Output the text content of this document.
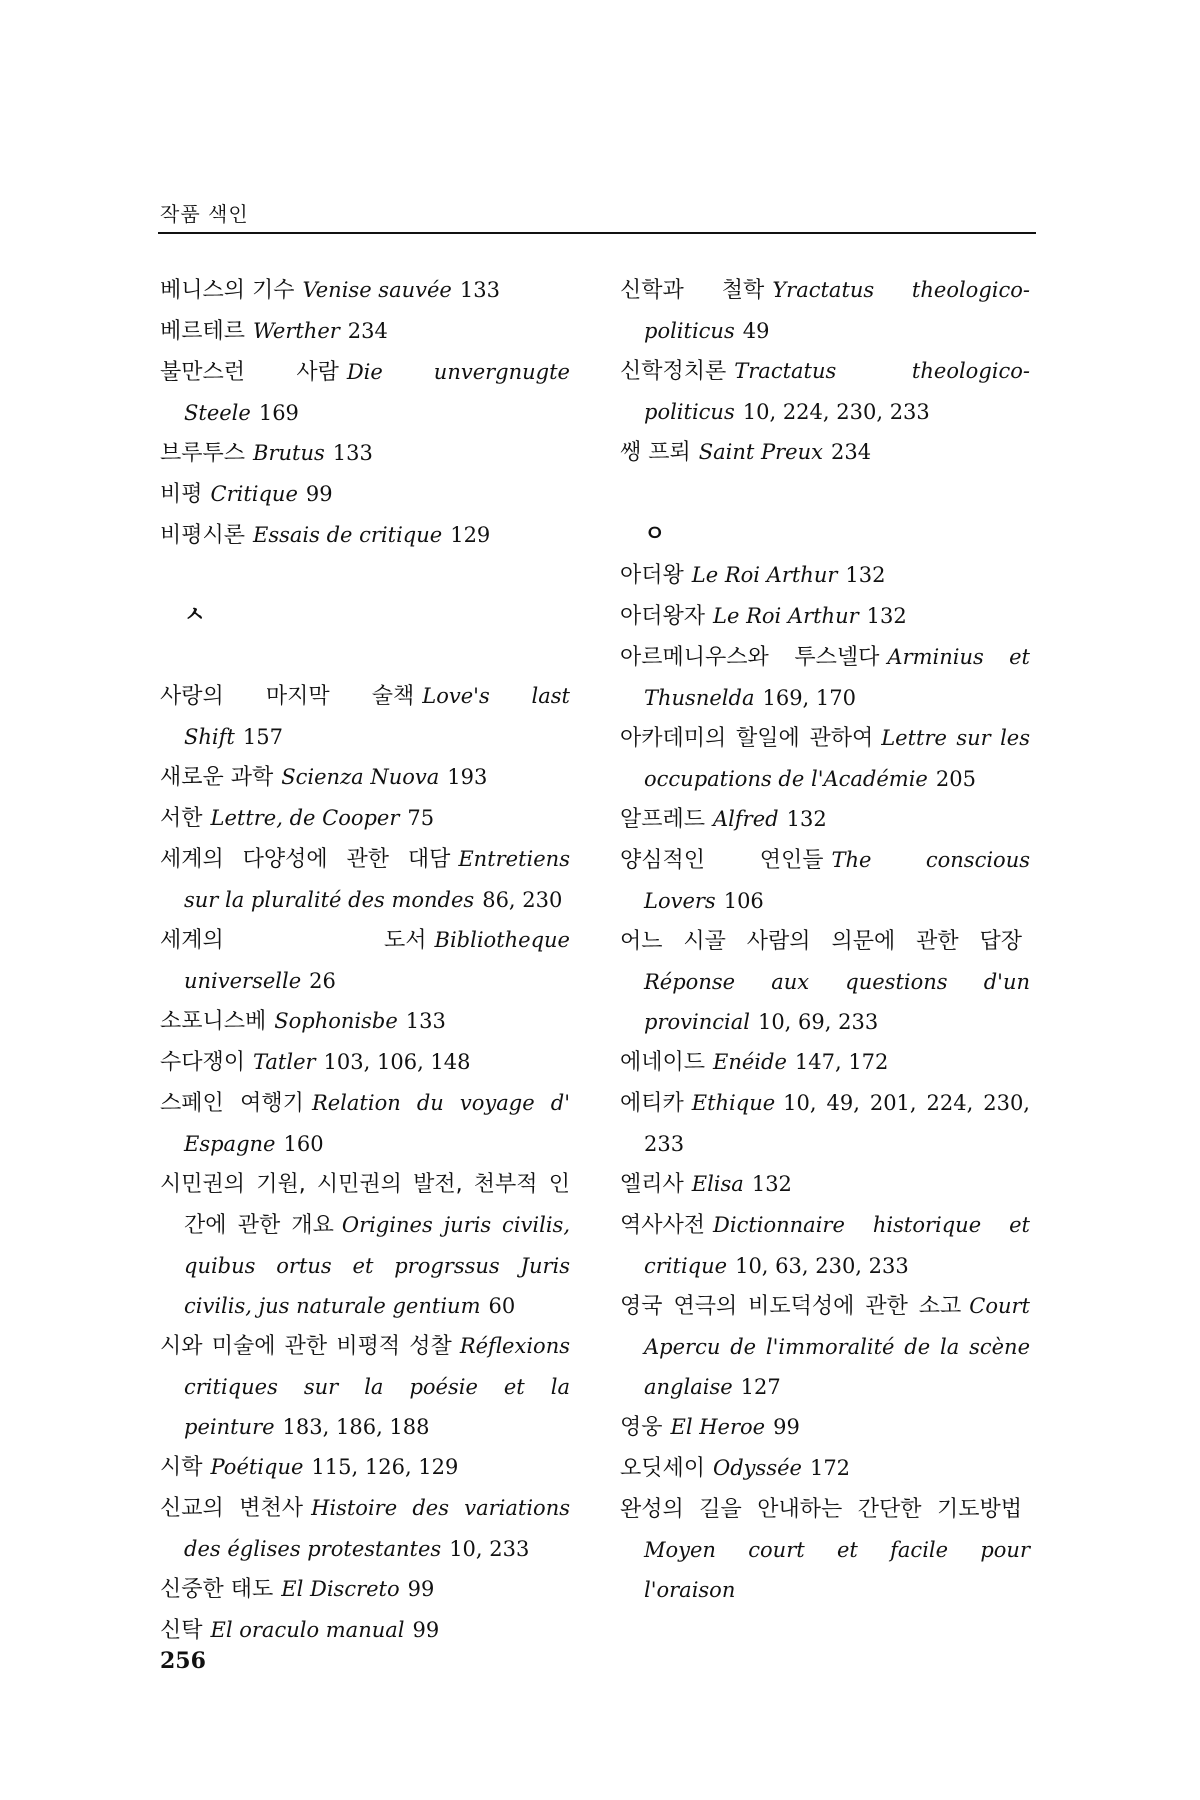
작품 색인
베니스의 기수 Venise sauvée 133
베르테르 Werther 234
불만스런 사람 Die unvergnugte Steele 169
브루투스 Brutus 133
비평 Critique 99
비평시론 Essais de critique 129
ㅅ
사랑의 마지막 술책 Love's last Shift 157
새로운 과학 Scienza Nuova 193
서한 Lettre, de Cooper 75
세계의 다양성에 관한 대담 Entretiens sur la pluralité des mondes 86, 230
세계의 도서 Bibliotheque universelle 26
소포니스베 Sophonisbe 133
수다쟁이 Tatler 103, 106, 148
스페인 여행기 Relation du voyage d' Espagne 160
시민권의 기원, 시민권의 발전, 천부적 인간에 관한 개요 Origines juris civilis, quibus ortus et progrssus Juris civilis, jus naturale gentium 60
시와 미술에 관한 비평적 성찰 Réflexions critiques sur la poésie et la peinture 183, 186, 188
시학 Poétique 115, 126, 129
신교의 변천사 Histoire des variations des églises protestantes 10, 233
신중한 태도 El Discreto 99
신탁 El oraculo manual 99
신학과 철학 Yractatus theologico-politicus 49
신학정치론 Tractatus theologico-politicus 10, 224, 230, 233
쌩 프뢰 Saint Preux 234
ㅇ
아더왕 Le Roi Arthur 132
아더왕자 Le Roi Arthur 132
아르메니우스와 투스넬다 Arminius et Thusnelda 169, 170
아카데미의 할일에 관하여 Lettre sur les occupations de l'Académie 205
알프레드 Alfred 132
양심적인 연인들 The conscious Lovers 106
어느 시골 사람의 의문에 관한 답장Réponse aux questions d'un provincial 10, 69, 233
에네이드 Enéide 147, 172
에티카 Ethique 10, 49, 201, 224, 230, 233
엘리사 Elisa 132
역사사전 Dictionnaire historique et critique 10, 63, 230, 233
영국 연극의 비도덕성에 관한 소고 Court Apercu de l'immoralité de la scène anglaise 127
영웅 El Heroe 99
오딧세이 Odyssée 172
완성의 길을 안내하는 간단한 기도방법Moyen court et facile pour l'oraison
256
